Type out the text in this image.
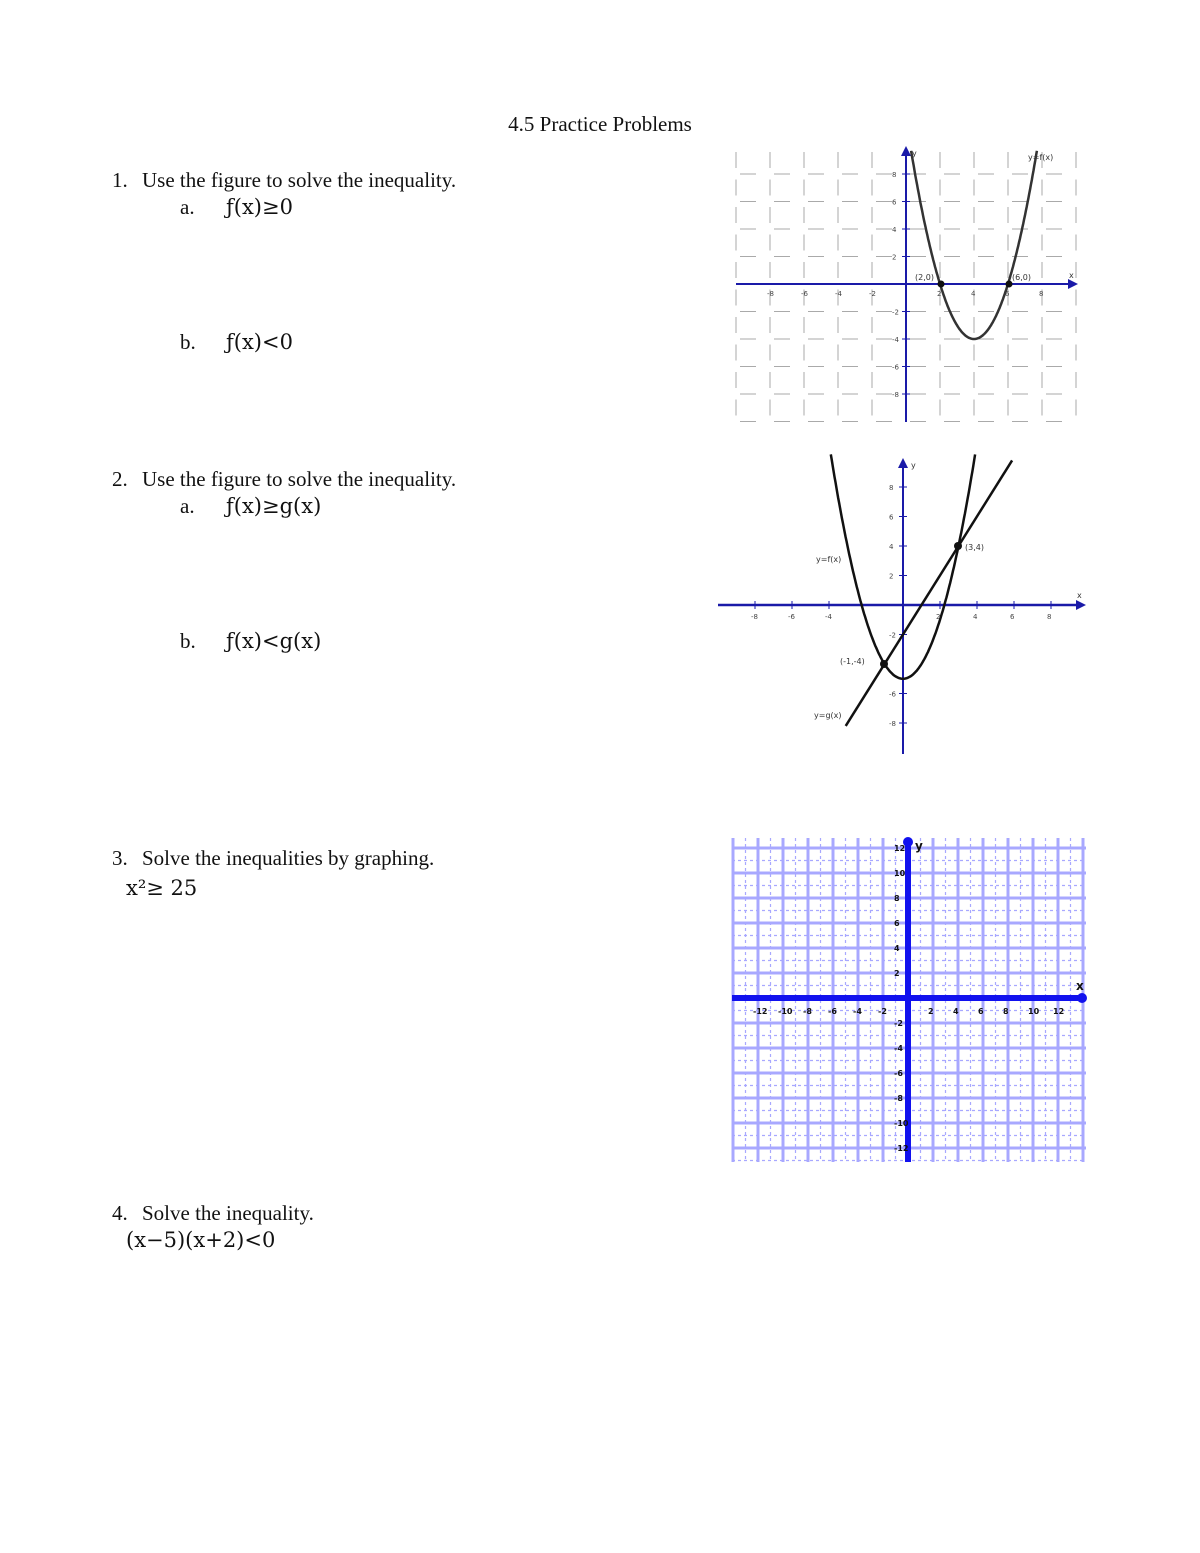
4.5 Practice Problems
1. Use the figure to solve the inequality.
a. ƒ(x)≥0
b. ƒ(x)<0
2. Use the figure to solve the inequality.
a. ƒ(x)≥g(x)
b. ƒ(x)<g(x)
3. Solve the inequalities by graphing.
x²≥ 25
4. Solve the inequality.
(x−5)(x+2)<0
-8	-6	-4	-2	2	4	6	8
8
6
4
2
-2
-4
-6
-8
(2,0)	(6,0)	x
y	y=f(x)
-8	-6	-4	2	4	6	8
8
6
4
2
-2
-6
-8
(3,4)
(-1,-4)
y=f(x)
y=g(x)
x
y
-12 -10 -8 -6 -4 -2	2 4 6 8 10 12
12
10
8
6
4
2
-2
-4
-6
-8
-10
-12
x
y
